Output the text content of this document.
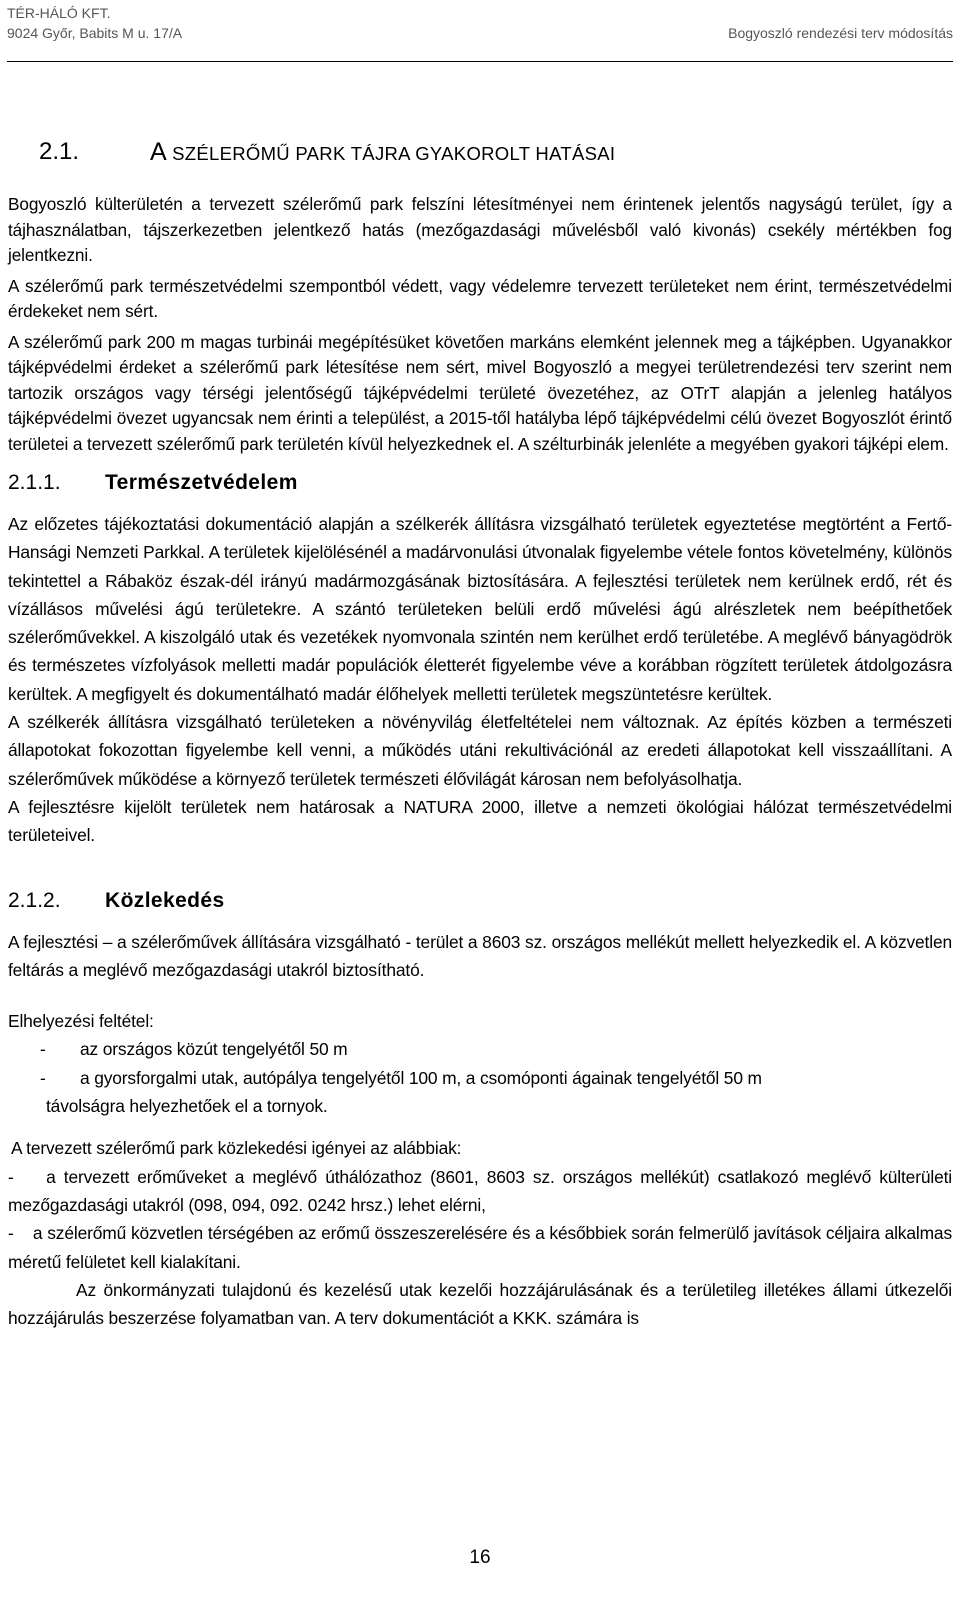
TÉR-HÁLÓ KFT.
9024 Győr, Babits M u. 17/A	Bogyoszló rendezési terv módosítás
2.1.	A SZÉLERŐMŰ PARK TÁJRA GYAKOROLT HATÁSAI

Bogyoszló külterületén a tervezett szélerőmű park felszíni létesítményei nem érintenek jelentős nagyságú terület, így a tájhasználatban, tájszerkezetben jelentkező hatás (mezőgazdasági művelésből való kivonás) csekély mértékben fog jelentkezni.

A szélerőmű park természetvédelmi szempontból védett, vagy védelemre tervezett területeket nem érint, természetvédelmi érdekeket nem sért.

A szélerőmű park 200 m magas turbinái megépítésüket követően markáns elemként jelennek meg a tájképben. Ugyanakkor tájképvédelmi érdeket a szélerőmű park létesítése nem sért, mivel Bogyoszló a megyei területrendezési terv szerint nem tartozik országos vagy térségi jelentőségű tájképvédelmi területé övezetéhez, az OTrT alapján a jelenleg hatályos tájképvédelmi övezet ugyancsak nem érinti a települést, a 2015-től hatályba lépő tájképvédelmi célú övezet Bogyoszlót érintő területei a tervezett szélerőmű park területén kívül helyezkednek el. A szélturbinák jelenléte a megyében gyakori tájképi elem.

2.1.1.	Természetvédelem

Az előzetes tájékoztatási dokumentáció alapján a szélkerék állításra vizsgálható területek egyeztetése megtörtént a Fertő-Hansági Nemzeti Parkkal. A területek kijelölésénél a madárvonulási útvonalak figyelembe vétele fontos követelmény, különös tekintettel a Rábaköz észak-dél irányú madármozgásának biztosítására. A fejlesztési területek nem kerülnek erdő, rét és vízállásos művelési ágú területekre. A szántó területeken belüli erdő művelési ágú alrészletek nem beépíthetőek szélerőművekkel. A kiszolgáló utak és vezetékek nyomvonala szintén nem kerülhet erdő területébe. A meglévő bányagödrök és természetes vízfolyások melletti madár populációk életterét figyelembe véve a korábban rögzített területek átdolgozásra kerültek. A megfigyelt és dokumentálható madár élőhelyek melletti területek megszüntetésre kerültek.

A szélkerék állításra vizsgálható területeken a növényvilág életfeltételei nem változnak. Az építés közben a természeti állapotokat fokozottan figyelembe kell venni, a működés utáni rekultivációnál az eredeti állapotokat kell visszaállítani. A szélerőművek működése a környező területek természeti élővilágát károsan nem befolyásolhatja.

A fejlesztésre kijelölt területek nem határosak a NATURA 2000, illetve a nemzeti ökológiai hálózat természetvédelmi területeivel.

2.1.2.	Közlekedés

A fejlesztési – a szélerőművek állítására vizsgálható - terület a 8603 sz. országos mellékút mellett helyezkedik el. A közvetlen feltárás a meglévő mezőgazdasági utakról biztosítható.

Elhelyezési feltétel:

-	az országos közút tengelyétől 50 m
-	a gyorsforgalmi utak, autópálya tengelyétől 100 m, a csomóponti ágainak tengelyétől 50 m
távolságra helyezhetőek el a tornyok.

A tervezett szélerőmű park közlekedési igényei az alábbiak:

-    a tervezett erőműveket a meglévő úthálózathoz (8601, 8603 sz. országos mellékút) csatlakozó meglévő külterületi mezőgazdasági utakról (098, 094, 092. 0242 hrsz.) lehet elérni,

-    a szélerőmű közvetlen térségében az erőmű összeszerelésére és a későbbiek során felmerülő javítások céljaira alkalmas méretű felületet kell kialakítani.

Az önkormányzati tulajdonú és kezelésű utak kezelői hozzájárulásának és a területileg illetékes állami útkezelői hozzájárulás beszerzése folyamatban van. A terv dokumentációt a KKK. számára is

16
